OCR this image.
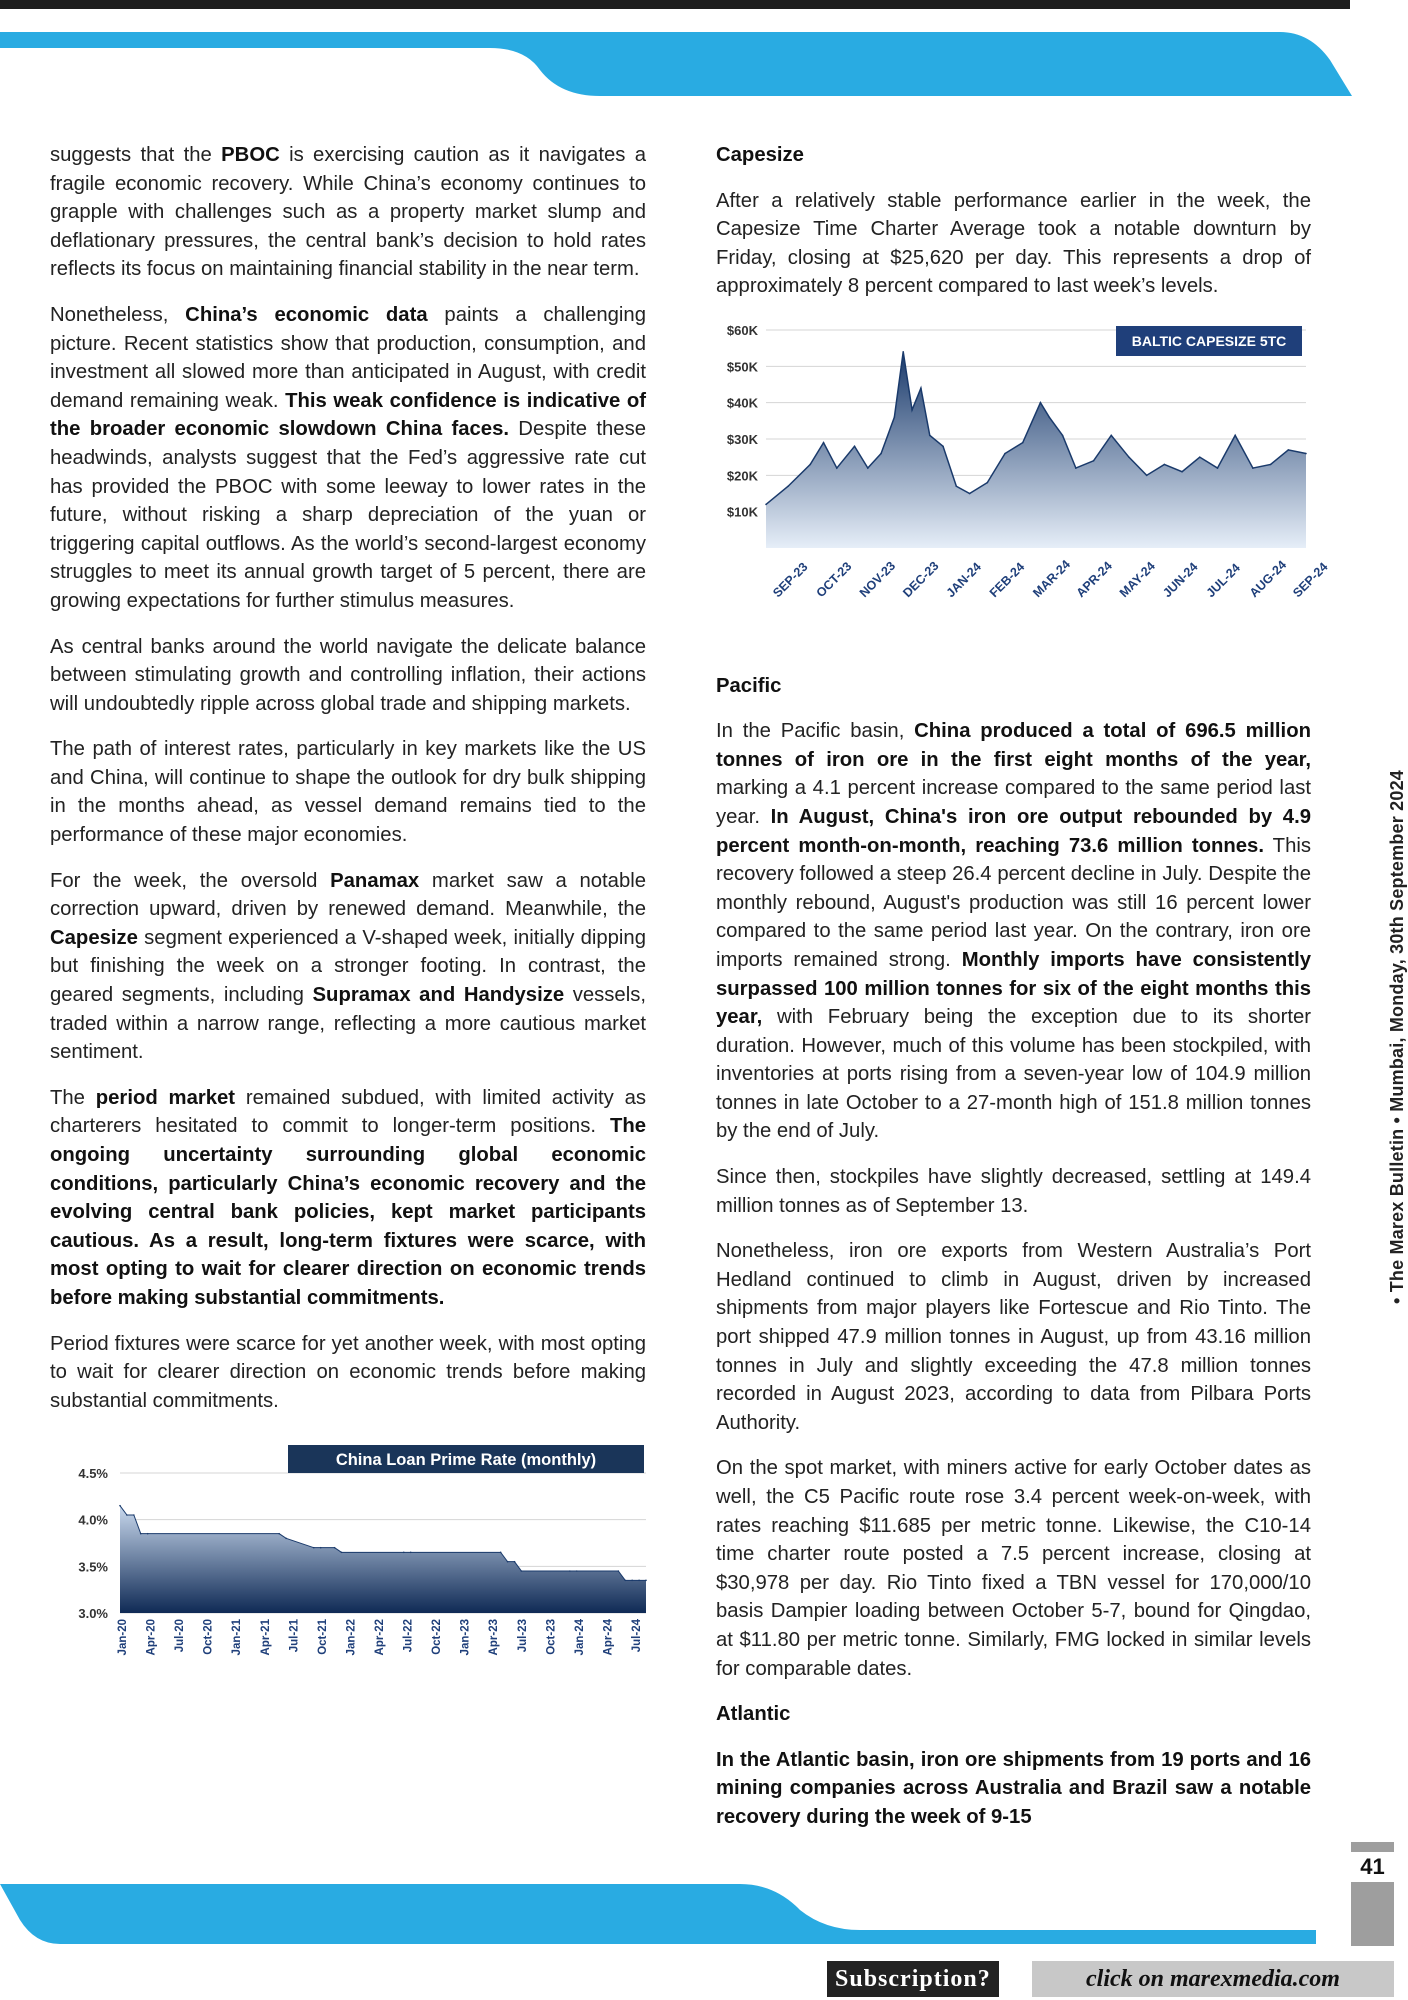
suggests that the PBOC is exercising caution as it navigates a fragile economic recovery. While China’s economy continues to grapple with challenges such as a property market slump and deflationary pressures, the central bank’s decision to hold rates reflects its focus on maintaining financial stability in the near term.

Nonetheless, China’s economic data paints a challenging picture. Recent statistics show that production, consumption, and investment all slowed more than anticipated in August, with credit demand remaining weak. This weak confidence is indicative of the broader economic slowdown China faces. Despite these headwinds, analysts suggest that the Fed’s aggressive rate cut has provided the PBOC with some leeway to lower rates in the future, without risking a sharp depreciation of the yuan or triggering capital outflows. As the world’s second-largest economy struggles to meet its annual growth target of 5 percent, there are growing expectations for further stimulus measures.

As central banks around the world navigate the delicate balance between stimulating growth and controlling inflation, their actions will undoubtedly ripple across global trade and shipping markets.

The path of interest rates, particularly in key markets like the US and China, will continue to shape the outlook for dry bulk shipping in the months ahead, as vessel demand remains tied to the performance of these major economies.

For the week, the oversold Panamax market saw a notable correction upward, driven by renewed demand. Meanwhile, the Capesize segment experienced a V-shaped week, initially dipping but finishing the week on a stronger footing. In contrast, the geared segments, including Supramax and Handysize vessels, traded within a narrow range, reflecting a more cautious market sentiment.

The period market remained subdued, with limited activity as charterers hesitated to commit to longer-term positions. The ongoing uncertainty surrounding global economic conditions, particularly China’s economic recovery and the evolving central bank policies, kept market participants cautious. As a result, long-term fixtures were scarce, with most opting to wait for clearer direction on economic trends before making substantial commitments.

Period fixtures were scarce for yet another week, with most opting to wait for clearer direction on economic trends before making substantial commitments.

3.0%
3.5%
4.0%
4.5%
Jan-20 Apr-20 Jul-20 Oct-20 Jan-21 Apr-21 Jul-21 Oct-21 Jan-22 Apr-22 Jul-22 Oct-22 Jan-23 Apr-23 Jul-23 Oct-23 Jan-24 Apr-24 Jul-24
China Loan Prime Rate (monthly)
Capesize

After a relatively stable performance earlier in the week, the Capesize Time Charter Average took a notable downturn by Friday, closing at $25,620 per day. This represents a drop of approximately 8 percent compared to last week’s levels.

$10K
$20K
$30K
$40K
$50K
$60K
SEP-23 OCT-23 NOV-23 DEC-23 JAN-24 FEB-24 MAR-24 APR-24 MAY-24 JUN-24 JUL-24 AUG-24 SEP-24
BALTIC CAPESIZE 5TC
Pacific

In the Pacific basin, China produced a total of 696.5 million tonnes of iron ore in the first eight months of the year, marking a 4.1 percent increase compared to the same period last year. In August, China's iron ore output rebounded by 4.9 percent month-on-month, reaching 73.6 million tonnes. This recovery followed a steep 26.4 percent decline in July. Despite the monthly rebound, August's production was still 16 percent lower compared to the same period last year. On the contrary, iron ore imports remained strong. Monthly imports have consistently surpassed 100 million tonnes for six of the eight months this year, with February being the exception due to its shorter duration. However, much of this volume has been stockpiled, with inventories at ports rising from a seven-year low of 104.9 million tonnes in late October to a 27-month high of 151.8 million tonnes by the end of July.

Since then, stockpiles have slightly decreased, settling at 149.4 million tonnes as of September 13.

Nonetheless, iron ore exports from Western Australia’s Port Hedland continued to climb in August, driven by increased shipments from major players like Fortescue and Rio Tinto. The port shipped 47.9 million tonnes in August, up from 43.16 million tonnes in July and slightly exceeding the 47.8 million tonnes recorded in August 2023, according to data from Pilbara Ports Authority.

On the spot market, with miners active for early October dates as well, the C5 Pacific route rose 3.4 percent week-on-week, with rates reaching $11.685 per metric tonne. Likewise, the C10-14 time charter route posted a 7.5 percent increase, closing at $30,978 per day. Rio Tinto fixed a TBN vessel for 170,000/10 basis Dampier loading between October 5-7, bound for Qingdao, at $11.80 per metric tonne. Similarly, FMG locked in similar levels for comparable dates.

Atlantic

In the Atlantic basin, iron ore shipments from 19 ports and 16 mining companies across Australia and Brazil saw a notable recovery during the week of 9-15

• The Marex Bulletin • Mumbai, Monday, 30th September 2024
41
Subscription?	click on marexmedia.com
